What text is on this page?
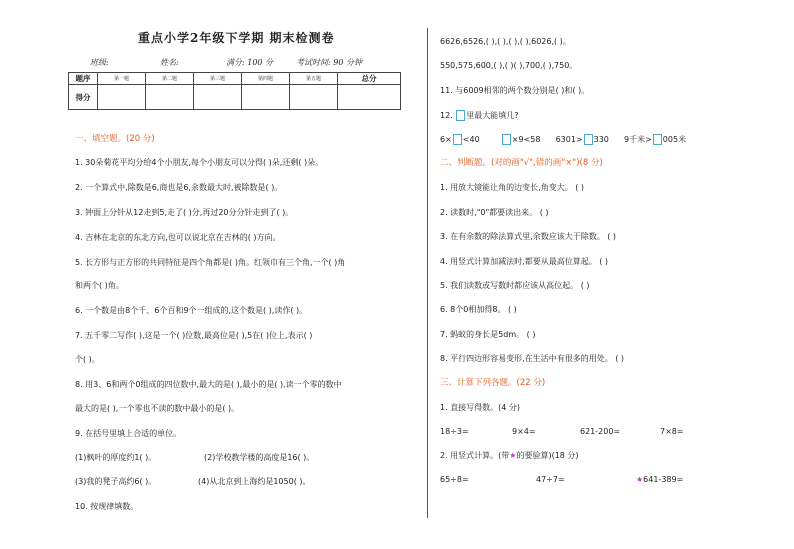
重点小学2年级下学期 期末检测卷
班级:	姓名:	满分: 100 分	考试时间: 90 分钟
题序	第一题	第二题	第三题	第四题	第五题	总分
得分						
一、填空题。(20 分)
1. 30朵菊花平均分给4个小朋友,每个小朋友可以分得( )朵,还剩( )朵。
2. 一个算式中,除数是6,商也是6,余数最大时,被除数是( )。
3. 钟面上分针从12走到5,走了( )分,再过20分分针走到了( )。
4. 吉林在北京的东北方向,也可以说北京在吉林的( )方向。
5. 长方形与正方形的共同特征是四个角都是( )角。红领巾有三个角,一个( )角
和两个( )角。
6. 一个数是由8个千、6个百和9个一组成的,这个数是( ),读作( )。
7. 五千零二写作( ),这是一个( )位数,最高位是( ),5在( )位上,表示( )
个( )。
8. 用3、6和两个0组成的四位数中,最大的是( ),最小的是( ),读一个零的数中
最大的是( ),一个零也不读的数中最小的是( )。
9. 在括号里填上合适的单位。
(1)枫叶的厚度约1( )。	(2)学校教学楼的高度是16( )。
(3)我的凳子高约6( )。	(4)从北京到上海约是1050( )。
10. 按规律填数。
6626,6526,( ),( ),( ),( ),6026,( )。
550,575,600,( ),( )( ),700,( ),750。
11. 与6009相邻的两个数分别是( )和( )。
12. 里最大能填几?
6× <40	×9<58 6301> 330 9千米> 005米
二、判断题。(对的画"√",错的画"×")(8 分)
1. 用放大镜能让角的边变长,角变大。 ( )
2. 读数时,"0"都要读出来。 ( )
3. 在有余数的除法算式里,余数应该大于除数。 ( )
4. 用竖式计算加减法时,都要从最高位算起。 ( )
5. 我们读数或写数时都应该从高位起。 ( )
6. 8个0相加得8。 ( )
7. 蚂蚁的身长是5dm。 ( )
8. 平行四边形容易变形,在生活中有很多的用处。 ( )
三、计算下列各题。(22 分)
1. 直接写得数。(4 分)
18÷3=	9×4=	621-200=	7×8=
2. 用竖式计算。(带★的要验算)(18 分)
65÷8=	47÷7=	★641-389=
